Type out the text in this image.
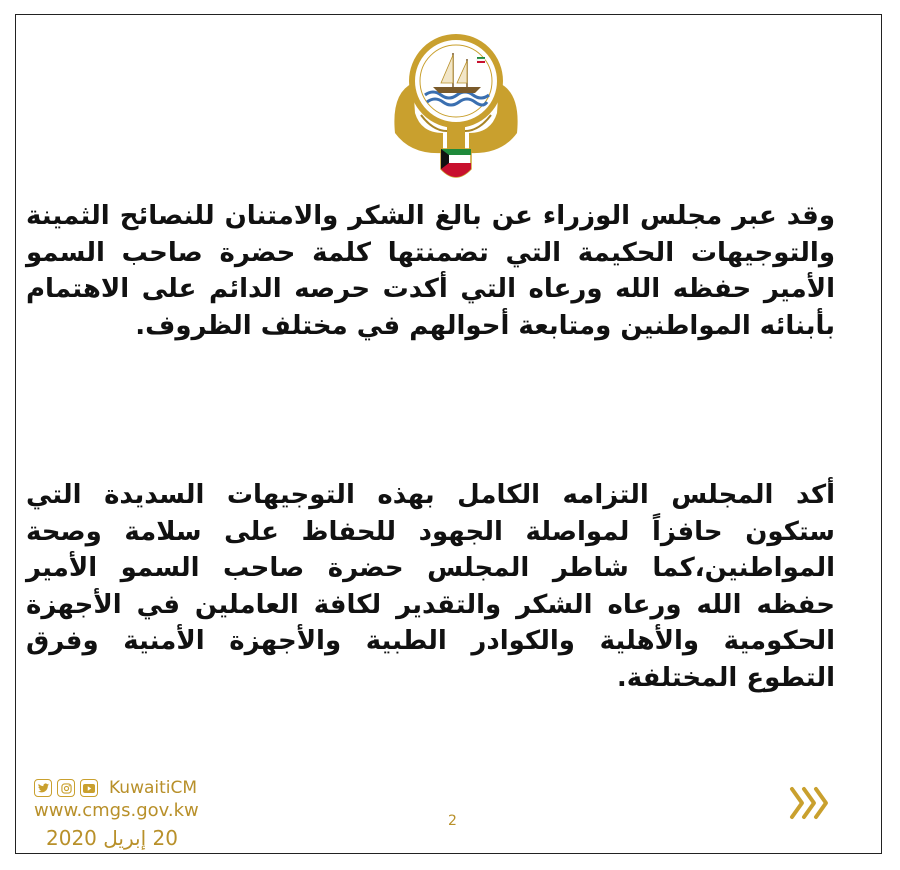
وقد عبر مجلس الوزراء عن بالغ الشكر والامتنان للنصائح الثمينة والتوجيهات الحكيمة التي تضمنتها كلمة حضرة صاحب السمو الأمير حفظه الله ورعاه التي أكدت حرصه الدائم على الاهتمام بأبنائه المواطنين ومتابعة أحوالهم في مختلف الظروف.

أكد المجلس التزامه الكامل بهذه التوجيهات السديدة التي ستكون حافزاً لمواصلة الجهود للحفاظ على سلامة وصحة المواطنين،كما شاطر المجلس حضرة صاحب السمو الأمير حفظه الله ورعاه الشكر والتقدير لكافة العاملين في الأجهزة الحكومية والأهلية والكوادر الطبية والأجهزة الأمنية وفرق التطوع المختلفة.

KuwaitiCM
www.cmgs.gov.kw
20 إبريل 2020
2
